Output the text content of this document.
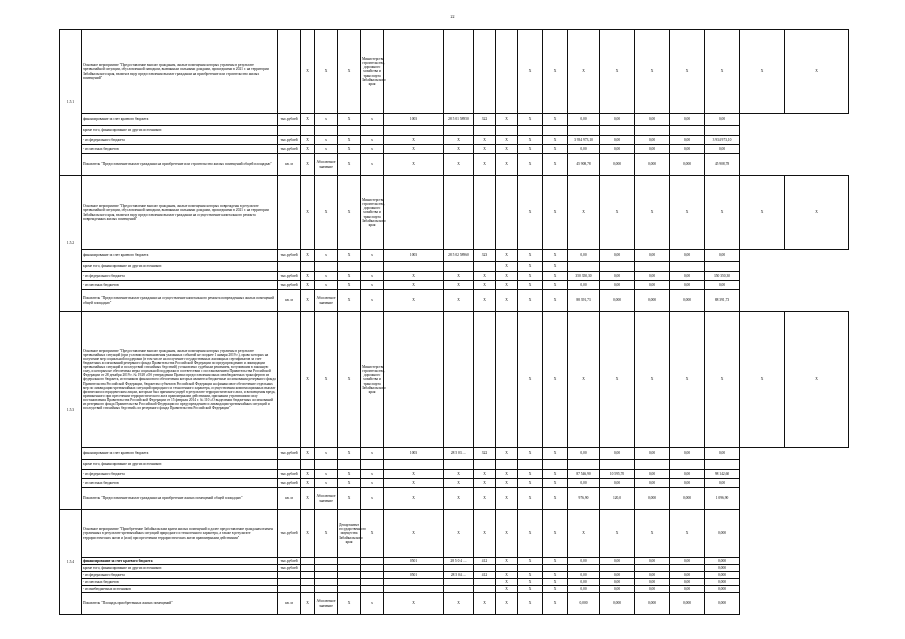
22
1.5.1	Основное мероприятие "Предоставление выплат гражданам, жилые помещения которых утрачены в результате чрезвычайной ситуации, обусловленной паводком, вызванным сильными дождями, прошедшими в 2021 г. на территории Забайкальского края, взамен в виду предоставления выплат гражданам на приобретение или строительство жилых помещений"		X	X	X	Министерство строительства, дорожного хозяйства и транспорта Забайкальского края					X	X	X	X	X	X	X	X	X
	финансирование за счет краевого бюджета	тыс.рублей	X	x	X	x	1003	28 5 01 58950	322	X	X	X	0,00	0,00	0,00	0,00	0,00		
	кроме того, финансирование из других источников:																		
	- из федерального бюджета	тыс.рублей	X	x	X	x	X	X	X	X	X	X	3 934 973,10	0,00	0,00	0,00	3 934 973,10		
	- из местных бюджетов	тыс.рублей	X	x	X	x	X	X	X	X	X	X	0,00	0,00	0,00	0,00	0,00		
	Показатель "Предоставление выплат гражданам на приобретение или строительство жилых помещений общей площадью"	кв. м	X	Абсолютное значение	X	x	X	X	X	X	X	X	45 908,78	0,000	0,000	0,000	45 908,78		
1.5.2	Основное мероприятие "Предоставление выплат гражданам, жилые помещения которых повреждены в результате чрезвычайной ситуации, обусловленной паводком, вызванным сильными дождями, прошедшими в 2021 г. на территории Забайкальского края, взамен в виду предоставления выплат гражданам на осуществление капитального ремонта поврежденных жилых помещений"		X	X	X	Министерство строительства, дорожного хозяйства и транспорта Забайкальского края					X	X	X	X	X	X	X	X	X
	финансирование за счет краевого бюджета	тыс.рублей	X	x	X	x	1003	28 5 02 58960	323	X	X	X	0,00	0,00	0,00	0,00	0,00		
	кроме того, финансирование из других источников:									X	X	X							
	- из федерального бюджета	тыс.рублей	X	x	X	x	X	X	X	X	X	X	350 350,30	0,00	0,00	0,00	350 350,30		
	- из местных бюджетов	тыс.рублей	X	x	X	x	X	X	X	X	X	X	0,00	0,00	0,00	0,00	0,00		
	Показатель "Предоставление выплат гражданам на осуществление капитального ремонта поврежденных жилых помещений общей площадью"	кв. м	X	Абсолютное значение	X	x	X	X	X	X	X	X	88 391,73	0,000	0,000	0,000	88 391,73		
1.5.3	Основное мероприятие "Предоставление выплат гражданам, жилые помещения которых утрачены в результате чрезвычайных ситуаций (при условии возникновения указанных событий не позднее 1 января 2019 г.), право которых на получение мер социальной поддержки (в том числе на получение государственных жилищных сертификатов за счет бюджетных ассигнований резервного фонда Правительства Российской Федерации по предупреждению и ликвидации чрезвычайных ситуаций и последствий стихийных бедствий) установлено судебным решением, вступившим в законную силу, и которым не обеспечены меры социальной поддержки в соответствии с постановлением Правительства Российской Федерации от 28 декабря 2019 г. № 1928 «Об утверждении Правил предоставления иных межбюджетных трансфертов из федерального бюджета, источником финансового обеспечения которых являются бюджетные ассигнования резервного фонда Правительства Российской Федерации, бюджетам субъектов Российской Федерации на финансовое обеспечение отдельных мер по ликвидации чрезвычайных ситуаций природного и техногенного характера, осуществления компенсационных выплат физическим и юридическим лицам, которым был причинен ущерб в результате террористического акта, и возмещения вреда, причиненного при пресечении террористического акта правомерными действиями, признании утратившими силу постановления Правительства Российской Федерации от 15 февраля 2014 г. № 110 «О выделении бюджетных ассигнований из резервного фонда Правительства Российской Федерации по предупреждению и ликвидации чрезвычайных ситуаций и последствий стихийных бедствий» из резервного фонда Правительства Российской Федерации"		X	X	X	Министерство строительства, дорожного хозяйства и транспорта Забайкальского края					X	X	X	X	X	X	X	X	X
	финансирование за счет краевого бюджета	тыс.рублей	X	x	X	x	1003	28 5 03 ....	322	X	X	X	0,00	0,00	0,00	0,00	0,00		
	кроме того, финансирование из других источников:																		
	- из федерального бюджета	тыс.рублей	X	x	X	x	X	X	X	X	X	X	87 546,90	10 595,70	0,00	0,00	98 142,60		
	- из местных бюджетов	тыс.рублей	X	x	X	x	X	X	X	X	X	X	0,00	0,00	0,00	0,00	0,00		
	Показатель "Предоставление выплат гражданам на приобретение жилых помещений общей площадью"	кв. м	X	Абсолютное значение	X	x	X	X	X	X	X	X	976,90	120,0	0,000	0,000	1 096,90		
1.5.4	Основное мероприятие "Приобретение Забайкальским краем жилых помещений и далее предоставление гражданам взамен утраченных в результате чрезвычайных ситуаций природного и техногенного характера, а также в результате террористических актов и (или) при пресечении террористических актов правомерными действиями"	тыс.рублей	X	X	Департамент государственного имущества Забайкальского края	X	X	X	X	X	X	X	X	X	X	X	0,000		
	финансирование за счет краевого бюджета	тыс.рублей					0501	28 5 0 4 ....	412	X	X	X	0,00	0,00	0,00	0,00	0,000		
	кроме того, финансирование из других источников:	тыс.рублей															0,000		
	- из федерального бюджета						0501	28 5 04 ....	412	X	X	X	0,00	0,00	0,00	0,00	0,000		
	- из местных бюджетов									X	X	X	0,00	0,00	0,00	0,00	0,000		
	- из внебюджетных источников									X	X	X	0,00	0,00	0,00	0,00	0,000		
	Показатель "Площадь приобретенных жилых помещений"	кв. м	X	Абсолютное значение	X	x	X	X	X	X	X	X	0,000	0,000	0,000	0,000	0,000		
